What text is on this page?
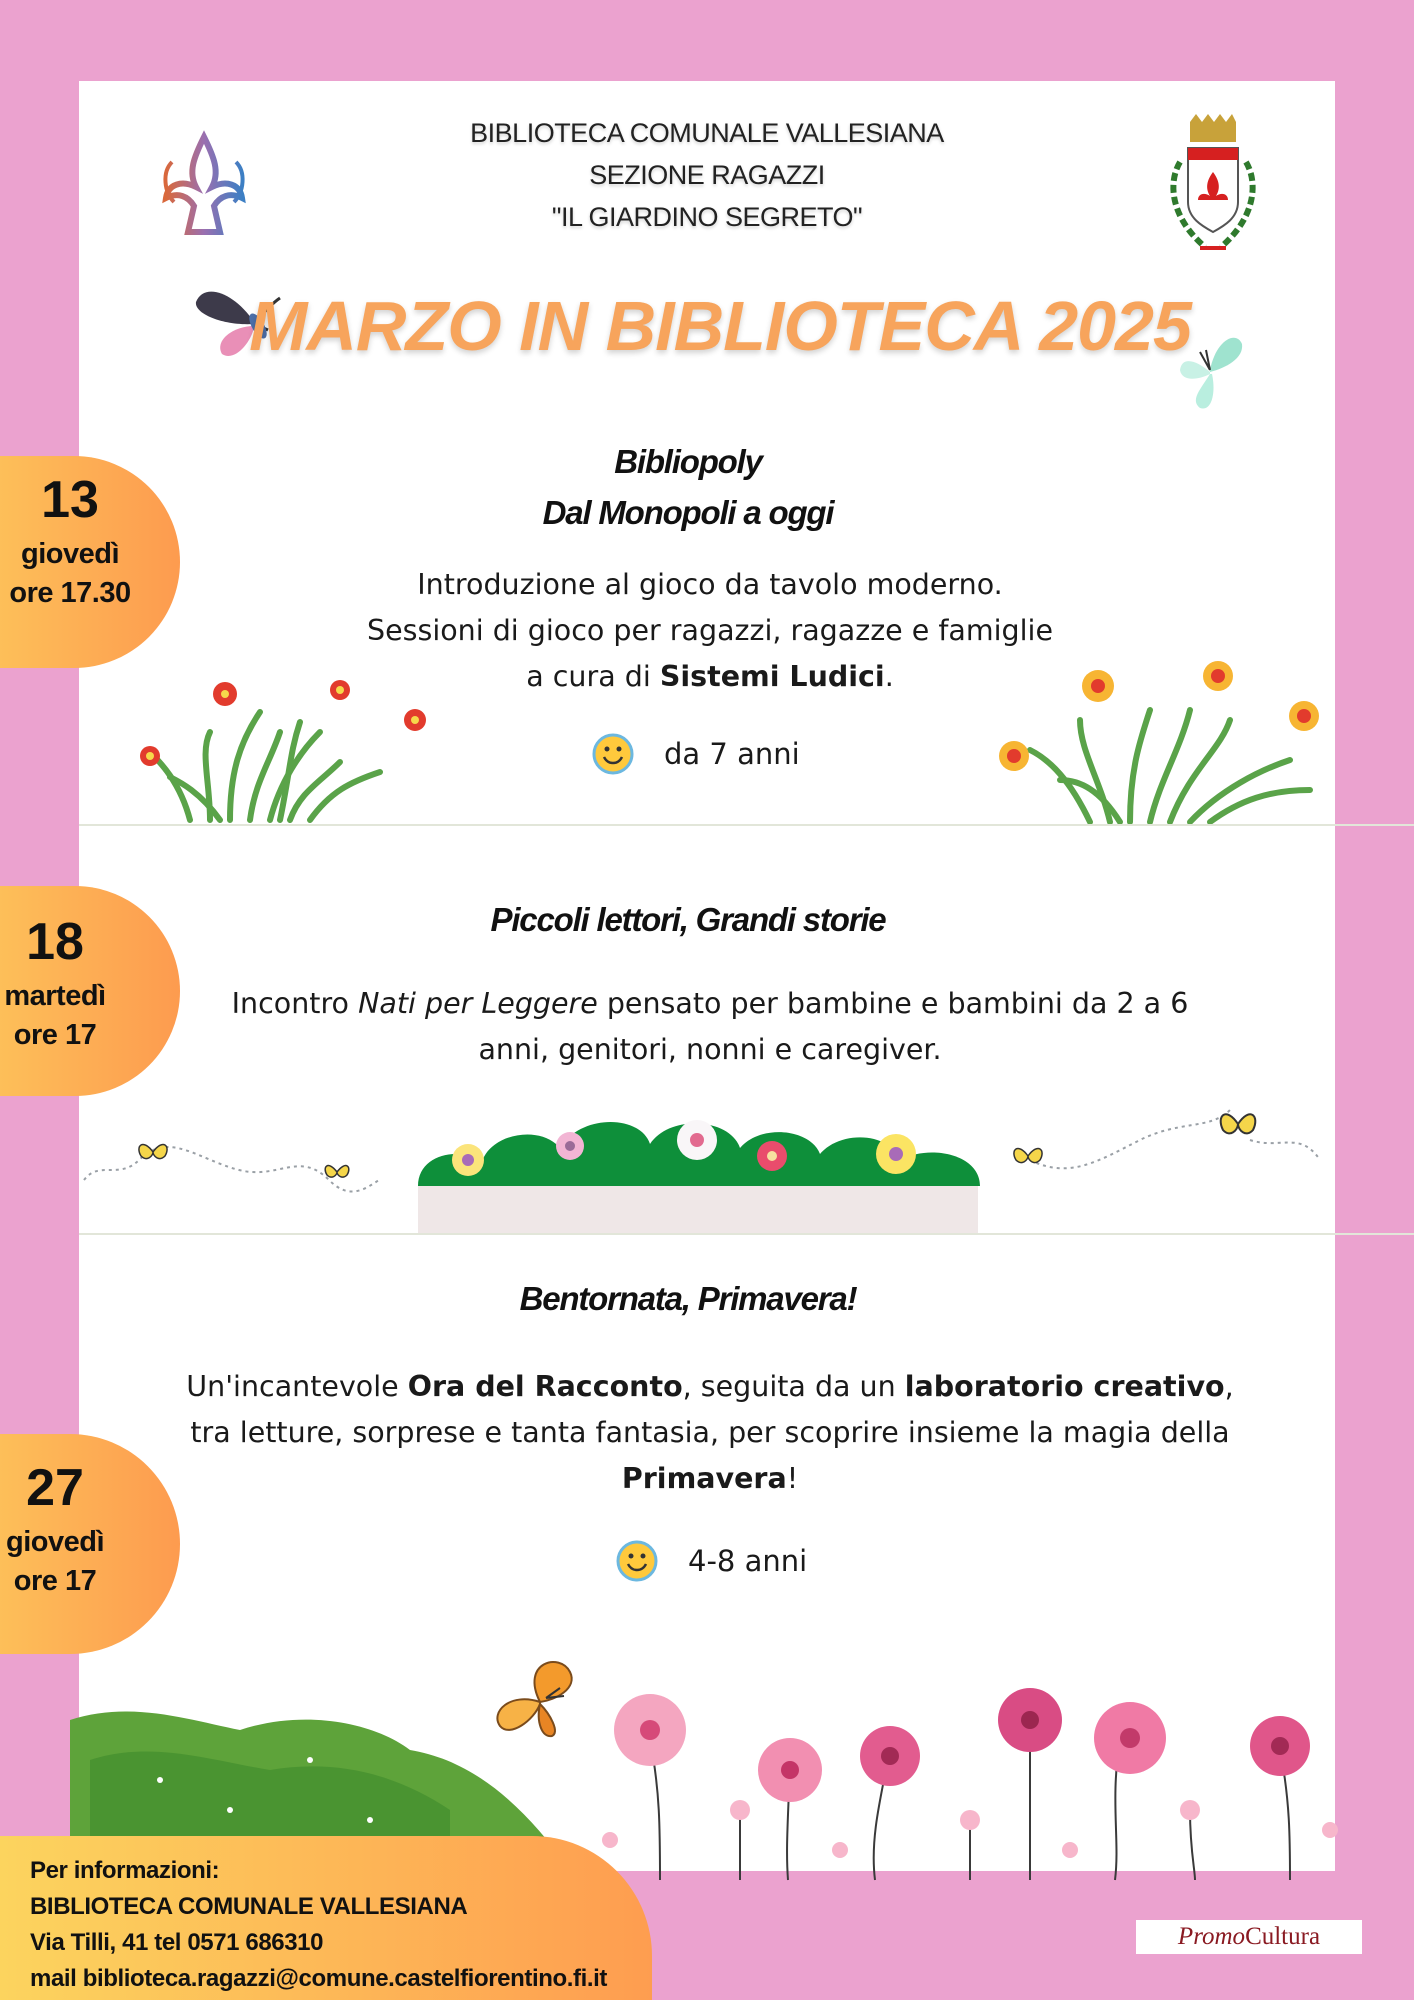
BIBLIOTECA COMUNALE VALLESIANA
SEZIONE RAGAZZI
"IL GIARDINO SEGRETO"
MARZO IN BIBLIOTECA 2025
13
giovedì
ore 17.30
Bibliopoly
Dal Monopoli a oggi
Introduzione al gioco da tavolo moderno.
Sessioni di gioco per ragazzi, ragazze e famiglie
a cura di Sistemi Ludici.
da 7 anni
18
martedì
ore 17
Piccoli lettori, Grandi storie
Incontro Nati per Leggere pensato per bambine e bambini da 2 a 6
anni, genitori, nonni e caregiver.
Bentornata, Primavera!
Un'incantevole Ora del Racconto, seguita da un laboratorio creativo,
tra letture, sorprese e tanta fantasia, per scoprire insieme la magia della
Primavera!
27
giovedì
ore 17
4-8 anni
Per informazioni:
BIBLIOTECA COMUNALE VALLESIANA
Via Tilli, 41 tel 0571 686310
mail biblioteca.ragazzi@comune.castelfiorentino.fi.it
Promo Cultura
